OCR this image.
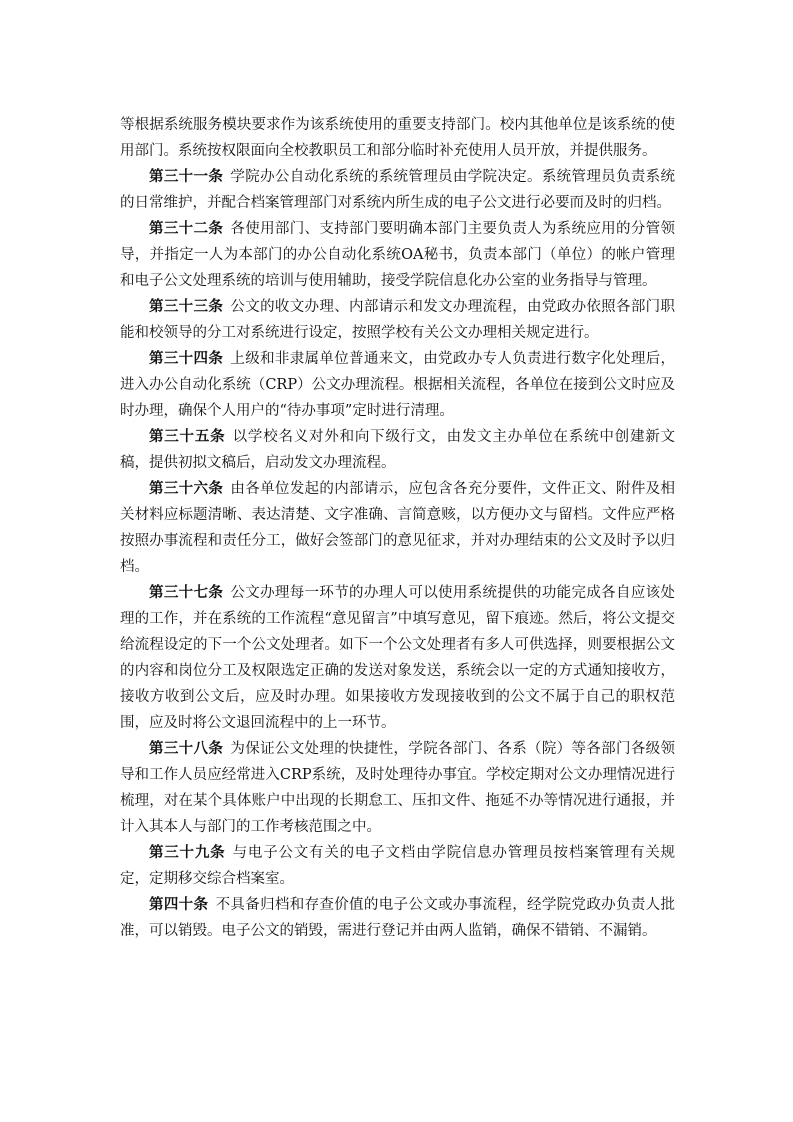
等根据系统服务模块要求作为该系统使用的重要支持部门。校内其他单位是该系统的使用部门。系统按权限面向全校教职员工和部分临时补充使用人员开放，并提供服务。

第三十一条 学院办公自动化系统的系统管理员由学院决定。系统管理员负责系统的日常维护，并配合档案管理部门对系统内所生成的电子公文进行必要而及时的归档。

第三十二条 各使用部门、支持部门要明确本部门主要负责人为系统应用的分管领导，并指定一人为本部门的办公自动化系统OA秘书，负责本部门（单位）的帐户管理和电子公文处理系统的培训与使用辅助，接受学院信息化办公室的业务指导与管理。

第三十三条 公文的收文办理、内部请示和发文办理流程，由党政办依照各部门职能和校领导的分工对系统进行设定，按照学校有关公文办理相关规定进行。

第三十四条 上级和非隶属单位普通来文，由党政办专人负责进行数字化处理后，进入办公自动化系统（CRP）公文办理流程。根据相关流程，各单位在接到公文时应及时办理，确保个人用户的“待办事项”定时进行清理。

第三十五条 以学校名义对外和向下级行文，由发文主办单位在系统中创建新文稿，提供初拟文稿后，启动发文办理流程。

第三十六条 由各单位发起的内部请示，应包含各充分要件，文件正文、附件及相关材料应标题清晰、表达清楚、文字准确、言简意赅，以方便办文与留档。文件应严格按照办事流程和责任分工，做好会签部门的意见征求，并对办理结束的公文及时予以归档。

第三十七条 公文办理每一环节的办理人可以使用系统提供的功能完成各自应该处理的工作，并在系统的工作流程“意见留言”中填写意见，留下痕迹。然后，将公文提交给流程设定的下一个公文处理者。如下一个公文处理者有多人可供选择，则要根据公文的内容和岗位分工及权限选定正确的发送对象发送，系统会以一定的方式通知接收方，接收方收到公文后，应及时办理。如果接收方发现接收到的公文不属于自己的职权范围，应及时将公文退回流程中的上一环节。

第三十八条 为保证公文处理的快捷性，学院各部门、各系（院）等各部门各级领导和工作人员应经常进入CRP系统，及时处理待办事宜。学校定期对公文办理情况进行梳理，对在某个具体账户中出现的长期怠工、压扣文件、拖延不办等情况进行通报，并计入其本人与部门的工作考核范围之中。

第三十九条 与电子公文有关的电子文档由学院信息办管理员按档案管理有关规定，定期移交综合档案室。

第四十条 不具备归档和存查价值的电子公文或办事流程，经学院党政办负责人批准，可以销毁。电子公文的销毁，需进行登记并由两人监销，确保不错销、不漏销。
